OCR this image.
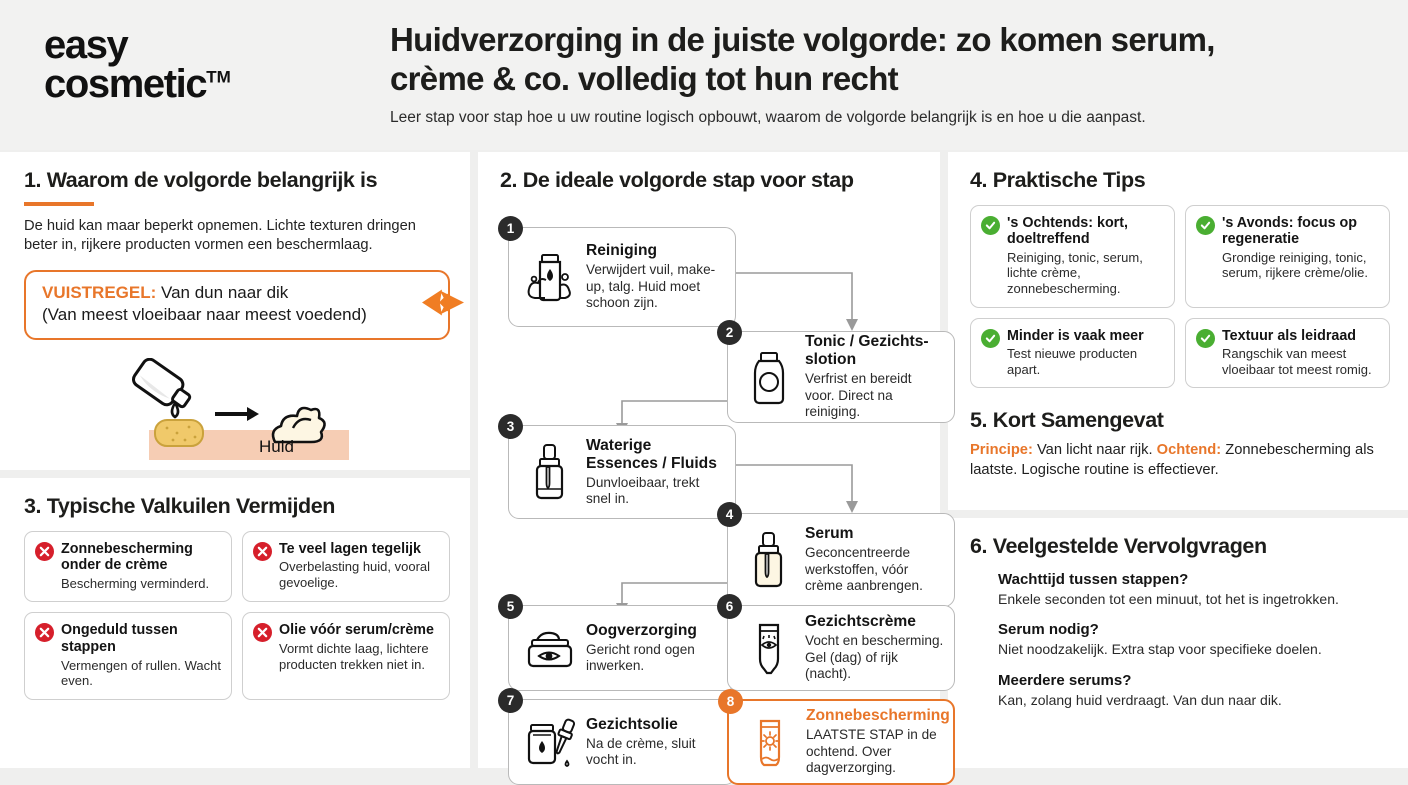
easy
cosmetic™
Huidverzorging in de juiste volgorde: zo komen serum, crème & co. volledig tot hun recht
Leer stap voor stap hoe u uw routine logisch opbouwt, waarom de volgorde belangrijk is en hoe u die aanpast.
1. Waarom de volgorde belangrijk is
De huid kan maar beperkt opnemen. Lichte texturen dringen beter in, rijkere producten vormen een beschermlaag.
VUISTREGEL: Van dun naar dik
(Van meest vloeibaar naar meest voedend)
Huid
3. Typische Valkuilen Vermijden
Zonnebescherming onder de crème
Bescherming verminderd.
Te veel lagen tegelijk
Overbelasting huid, vooral gevoelige.
Ongeduld tussen stappen
Vermengen of rullen. Wacht even.
Olie vóór serum/crème
Vormt dichte laag, lichtere producten trekken niet in.
2. De ideale volgorde stap voor stap
1
Reiniging
Verwijdert vuil, make-up, talg. Huid moet schoon zijn.
2
Tonic / Gezichts-slotion
Verfrist en bereidt voor. Direct na reiniging.
3
Waterige Essences / Fluids
Dunvloeibaar, trekt snel in.
4
Serum
Geconcentreerde werkstoffen, vóór crème aanbrengen.
5
Oogverzorging
Gericht rond ogen inwerken.
6
Gezichtscrème
Vocht en bescherming. Gel (dag) of rijk (nacht).
7
Gezichtsolie
Na de crème, sluit vocht in.
8
Zonnebescherming
LAATSTE STAP in de ochtend. Over dagverzorging.
4. Praktische Tips
's Ochtends: kort, doeltreffend
Reiniging, tonic, serum, lichte crème, zonnebescherming.
's Avonds: focus op regeneratie
Grondige reiniging, tonic, serum, rijkere crème/olie.
Minder is vaak meer
Test nieuwe producten apart.
Textuur als leidraad
Rangschik van meest vloeibaar tot meest romig.
5. Kort Samengevat
Principe: Van licht naar rijk. Ochtend: Zonnebescherming als laatste. Logische routine is effectiever.
6. Veelgestelde Vervolgvragen
Wachttijd tussen stappen?
Enkele seconden tot een minuut, tot het is ingetrokken.
Serum nodig?
Niet noodzakelijk. Extra stap voor specifieke doelen.
Meerdere serums?
Kan, zolang huid verdraagt. Van dun naar dik.
